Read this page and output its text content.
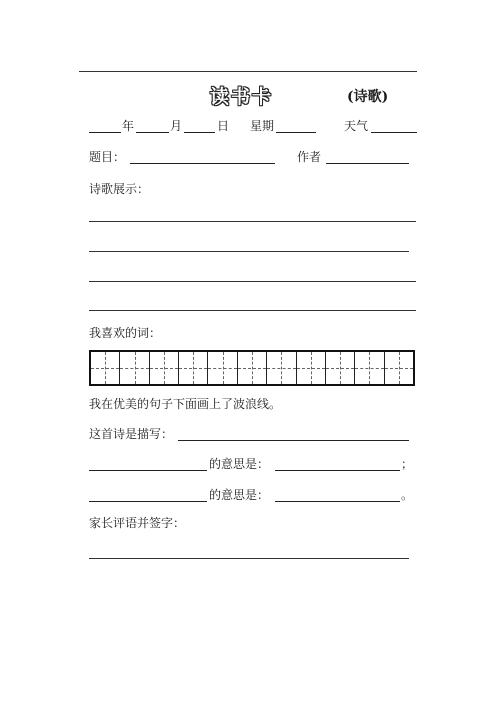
读书卡	(诗歌)
年	月	日 星期	天气
题目：	作者
诗歌展示：
我喜欢的词：
我在优美的句子下面画上了波浪线。
这首诗是描写：
的意思是：	；
的意思是：	。
家长评语并签字：
